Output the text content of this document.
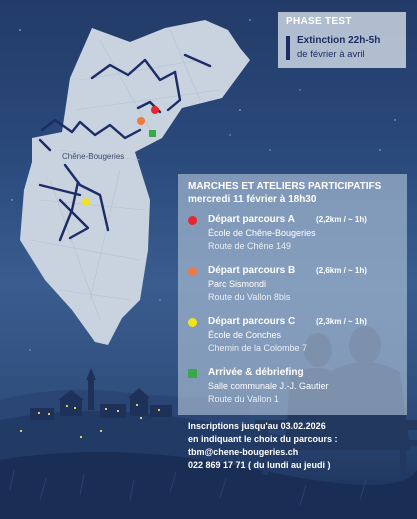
Chêne-Bougeries
PHASE TEST
Extinction 22h-5h
de février à avril
MARCHES ET ATELIERS PARTICIPATIFS
mercredi 11 février à 18h30
Départ parcours A	(2,2km / ~ 1h)
École de Chêne-Bougeries
Route de Chêne 149
Départ parcours B	(2,6km / ~ 1h)
Parc Sismondi
Route du Vallon 8bis
Départ parcours C	(2,3km / ~ 1h)
École de Conches
Chemin de la Colombe 7
Arrivée & débriefing
Salle communale J.-J. Gautier
Route du Vallon 1
Inscriptions jusqu'au 03.02.2026
en indiquant le choix du parcours :
tbm@chene-bougeries.ch
022 869 17 71 ( du lundi au jeudi )
